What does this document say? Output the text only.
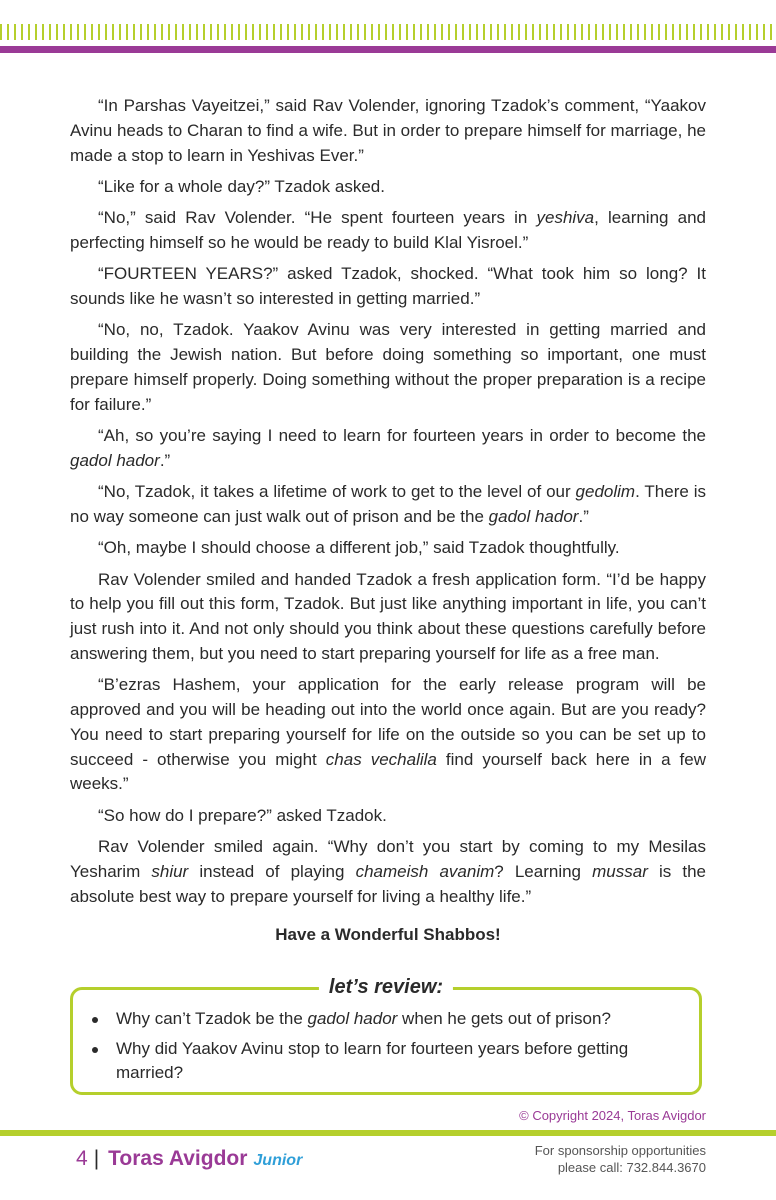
“In Parshas Vayeitzei,” said Rav Volender, ignoring Tzadok’s comment, “Yaakov Avinu heads to Charan to find a wife. But in order to prepare himself for marriage, he made a stop to learn in Yeshivas Ever.”

“Like for a whole day?” Tzadok asked.

“No,” said Rav Volender. “He spent fourteen years in yeshiva, learning and perfecting himself so he would be ready to build Klal Yisroel.”

“FOURTEEN YEARS?” asked Tzadok, shocked. “What took him so long? It sounds like he wasn’t so interested in getting married.”

“No, no, Tzadok. Yaakov Avinu was very interested in getting married and building the Jewish nation. But before doing something so important, one must prepare himself properly. Doing something without the proper preparation is a recipe for failure.”

“Ah, so you’re saying I need to learn for fourteen years in order to become the gadol hador.”

“No, Tzadok, it takes a lifetime of work to get to the level of our gedolim. There is no way someone can just walk out of prison and be the gadol hador.”

“Oh, maybe I should choose a different job,” said Tzadok thoughtfully.

Rav Volender smiled and handed Tzadok a fresh application form. “I’d be happy to help you fill out this form, Tzadok. But just like anything important in life, you can’t just rush into it. And not only should you think about these questions carefully before answering them, but you need to start preparing yourself for life as a free man.

“B’ezras Hashem, your application for the early release program will be approved and you will be heading out into the world once again. But are you ready? You need to start preparing yourself for life on the outside so you can be set up to succeed - otherwise you might chas vechalila find yourself back here in a few weeks.”

“So how do I prepare?” asked Tzadok.

Rav Volender smiled again. “Why don’t you start by coming to my Mesilas Yesharim shiur instead of playing chameish avanim? Learning mussar is the absolute best way to prepare yourself for living a healthy life.”

Have a Wonderful Shabbos!

let’s review:
Why can’t Tzadok be the gadol hador when he gets out of prison?
Why did Yaakov Avinu stop to learn for fourteen years before getting married?
© Copyright 2024, Toras Avigdor
4 | Toras Avigdor Junior
For sponsorship opportunities
please call: 732.844.3670
